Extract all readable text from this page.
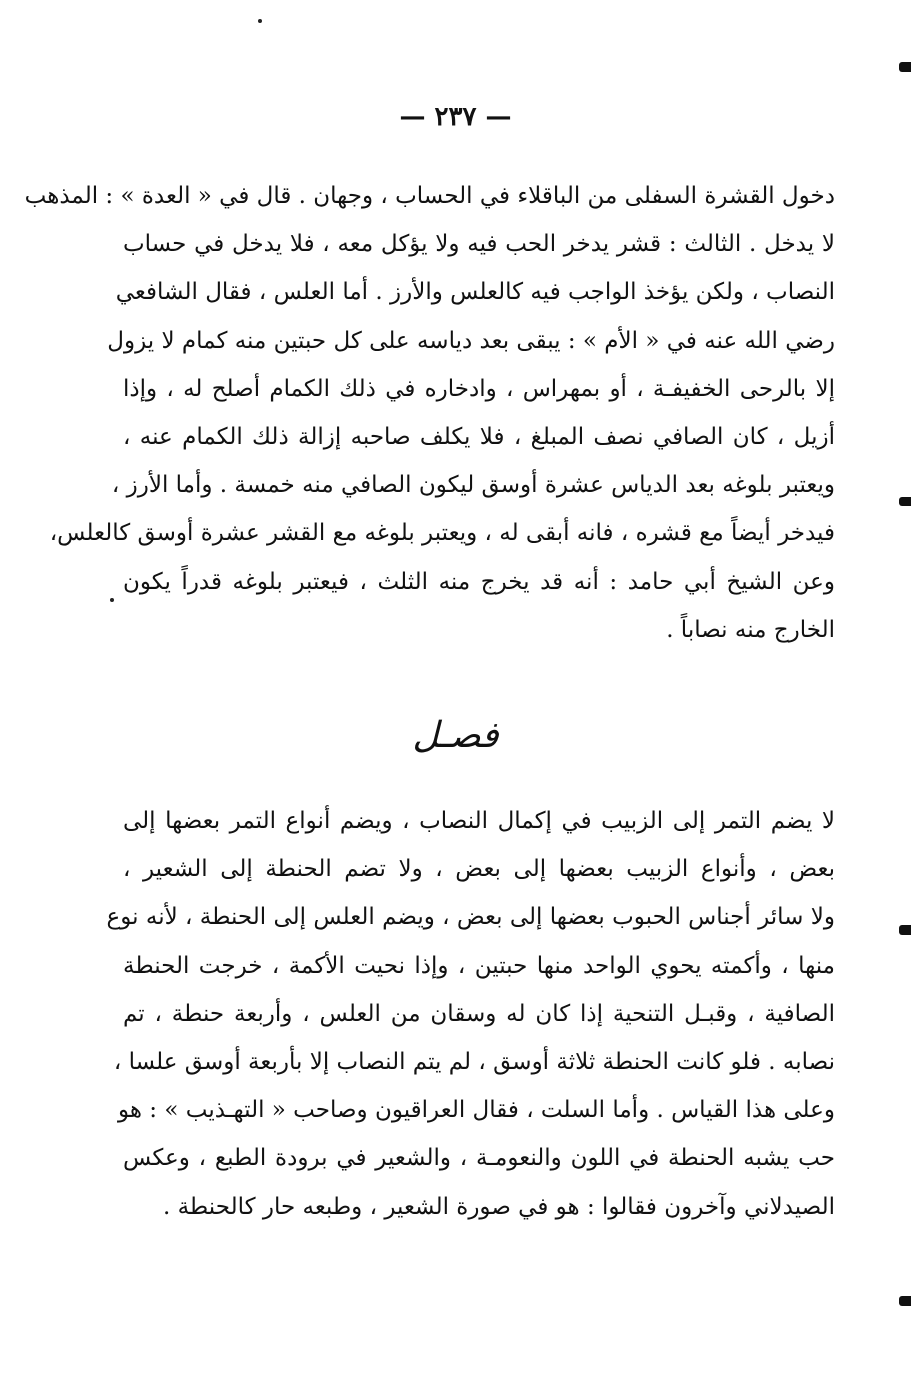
— ٢٣٧ —
دخول القشرة السفلى من الباقلاء في الحساب ، وجهان . قال في « العدة » : المذهب
لا يدخل . الثالث : قشر يدخر الحب فيه ولا يؤكل معه ، فلا يدخل في حساب
النصاب ، ولكن يؤخذ الواجب فيه كالعلس والأرز . أما العلس ، فقال الشافعي
رضي الله عنه في « الأم » : يبقى بعد دياسه على كل حبتين منه كمام لا يزول
إلا بالرحى الخفيفـة ، أو بمهراس ، وادخاره في ذلك الكمام أصلح له ، وإذا
أزيل ، كان الصافي نصف المبلغ ، فلا يكلف صاحبه إزالة ذلك الكمام عنه ،
ويعتبر بلوغه بعد الدياس عشرة أوسق ليكون الصافي منه خمسة . وأما الأرز ،
فيدخر أيضاً مع قشره ، فانه أبقى له ، ويعتبر بلوغه مع القشر عشرة أوسق كالعلس،
وعن الشيخ أبي حامد : أنه قد يخرج منه الثلث ، فيعتبر بلوغه قدراً يكون
الخارج منه نصاباً .
فصـل
لا يضم التمر إلى الزبيب في إكمال النصاب ، ويضم أنواع التمر بعضها إلى
بعض ، وأنواع الزبيب بعضها إلى بعض ، ولا تضم الحنطة إلى الشعير ،
ولا سائر أجناس الحبوب بعضها إلى بعض ، ويضم العلس إلى الحنطة ، لأنه نوع
منها ، وأكمته يحوي الواحد منها حبتين ، وإذا نحيت الأكمة ، خرجت الحنطة
الصافية ، وقبـل التنحية إذا كان له وسقان من العلس ، وأربعة حنطة ، تم
نصابه . فلو كانت الحنطة ثلاثة أوسق ، لم يتم النصاب إلا بأربعة أوسق علسا ،
وعلى هذا القياس . وأما السلت ، فقال العراقيون وصاحب « التهـذيب » : هو
حب يشبه الحنطة في اللون والنعومـة ، والشعير في برودة الطبع ، وعكس
الصيدلاني وآخرون فقالوا : هو في صورة الشعير ، وطبعه حار كالحنطة .
